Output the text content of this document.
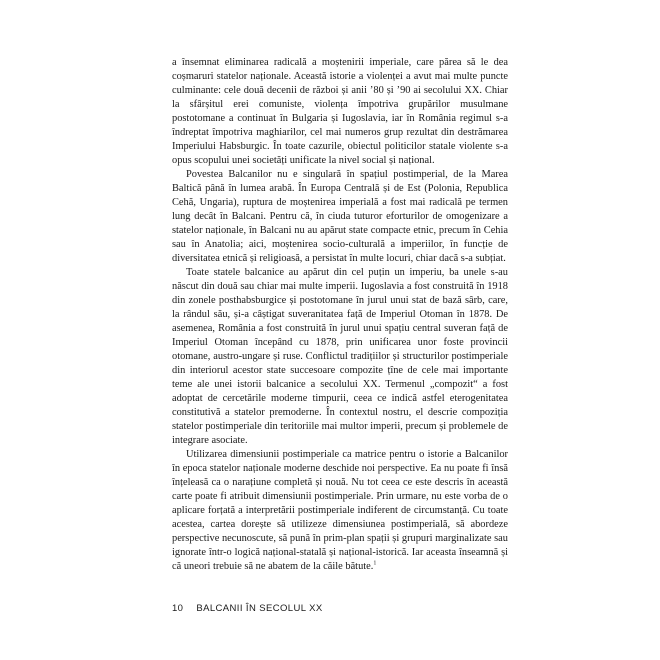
a însemnat eliminarea radicală a moștenirii imperiale, care părea să le dea coșmaruri statelor naționale. Această istorie a violenței a avut mai multe puncte culminante: cele două decenii de război și anii ’80 și ’90 ai secolului XX. Chiar la sfârșitul erei comuniste, violența împotriva grupărilor musulmane postotomane a continuat în Bulgaria și Iugoslavia, iar în România regimul s-a îndreptat împotriva maghiarilor, cel mai numeros grup rezultat din destrămarea Imperiului Habsburgic. În toate cazurile, obiectul politicilor statale violente s-a opus scopului unei societăți unificate la nivel social și național.

Povestea Balcanilor nu e singulară în spațiul postimperial, de la Marea Baltică până în lumea arabă. În Europa Centrală și de Est (Polonia, Republica Cehă, Ungaria), ruptura de moștenirea imperială a fost mai radicală pe termen lung decât în Balcani. Pentru că, în ciuda tuturor eforturilor de omogenizare a statelor naționale, în Balcani nu au apărut state compacte etnic, precum în Cehia sau în Anatolia; aici, moștenirea socio-culturală a imperiilor, în funcție de diversitatea etnică și religioasă, a persistat în multe locuri, chiar dacă s-a subțiat.

Toate statele balcanice au apărut din cel puțin un imperiu, ba unele s-au născut din două sau chiar mai multe imperii. Iugoslavia a fost construită în 1918 din zonele posthabsburgice și postotomane în jurul unui stat de bază sârb, care, la rândul său, și-a câștigat suveranitatea față de Imperiul Otoman în 1878. De asemenea, România a fost construită în jurul unui spațiu central suveran față de Imperiul Otoman începând cu 1878, prin unificarea unor foste provincii otomane, austro-ungare și ruse. Conflictul tradițiilor și structurilor postimperiale din interiorul acestor state succesoare compozite țîne de cele mai importante teme ale unei istorii balcanice a secolului XX. Termenul „compozit“ a fost adoptat de cercetările moderne timpurii, ceea ce indică astfel eterogenitatea constitutivă a statelor premoderne. În contextul nostru, el descrie compoziția statelor postimperiale din teritoriile mai multor imperii, precum și problemele de integrare asociate.

Utilizarea dimensiunii postimperiale ca matrice pentru o istorie a Balcanilor în epoca statelor naționale moderne deschide noi perspective. Ea nu poate fi însă înțeleasă ca o narațiune completă și nouă. Nu tot ceea ce este descris în această carte poate fi atribuit dimensiunii postimperiale. Prin urmare, nu este vorba de o aplicare forțată a interpretării postimperiale indiferent de circumstanță. Cu toate acestea, cartea dorește să utilizeze dimensiunea postimperială, să abordeze perspective necunoscute, să pună în prim-plan spații și grupuri marginalizate sau ignorate într-o logică național-statală și național-istorică. Iar aceasta înseamnă și că uneori trebuie să ne abatem de la căile bătute.$^1$

10 BALCANII ÎN SECOLUL XX
